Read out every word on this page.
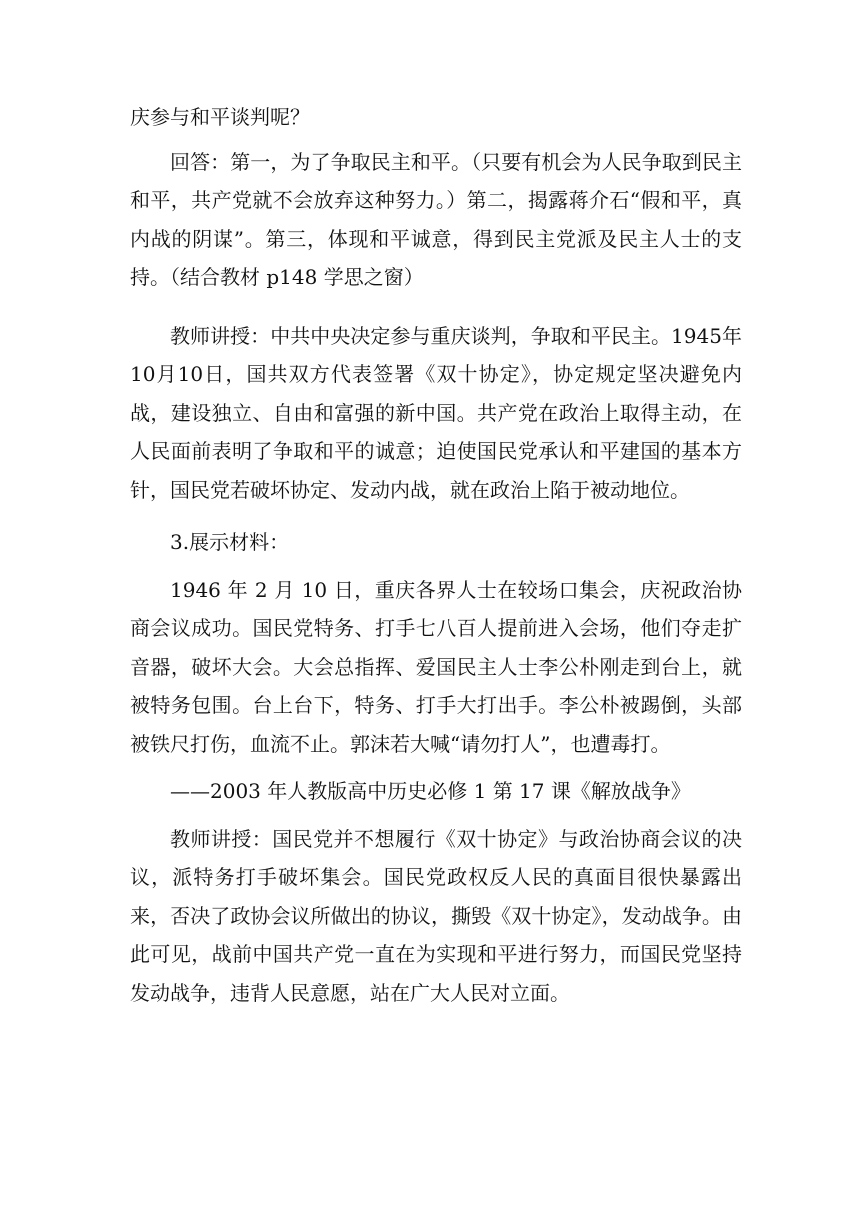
庆参与和平谈判呢？

回答：第一，为了争取民主和平。（只要有机会为人民争取到民主和平，共产党就不会放弃这种努力。）第二，揭露蒋介石“假和平，真内战的阴谋”。第三，体现和平诚意，得到民主党派及民主人士的支持。（结合教材 p148 学思之窗）

教师讲授：中共中央决定参与重庆谈判，争取和平民主。1945年10月10日，国共双方代表签署《双十协定》，协定规定坚决避免内战，建设独立、自由和富强的新中国。共产党在政治上取得主动，在人民面前表明了争取和平的诚意；迫使国民党承认和平建国的基本方针，国民党若破坏协定、发动内战，就在政治上陷于被动地位。

3.展示材料：

1946 年 2 月 10 日，重庆各界人士在较场口集会，庆祝政治协商会议成功。国民党特务、打手七八百人提前进入会场，他们夺走扩音器，破坏大会。大会总指挥、爱国民主人士李公朴刚走到台上，就被特务包围。台上台下，特务、打手大打出手。李公朴被踢倒，头部被铁尺打伤，血流不止。郭沫若大喊“请勿打人”，也遭毒打。

——2003 年人教版高中历史必修 1 第 17 课《解放战争》

教师讲授：国民党并不想履行《双十协定》与政治协商会议的决议，派特务打手破坏集会。国民党政权反人民的真面目很快暴露出来，否决了政协会议所做出的协议，撕毁《双十协定》，发动战争。由此可见，战前中国共产党一直在为实现和平进行努力，而国民党坚持发动战争，违背人民意愿，站在广大人民对立面。
